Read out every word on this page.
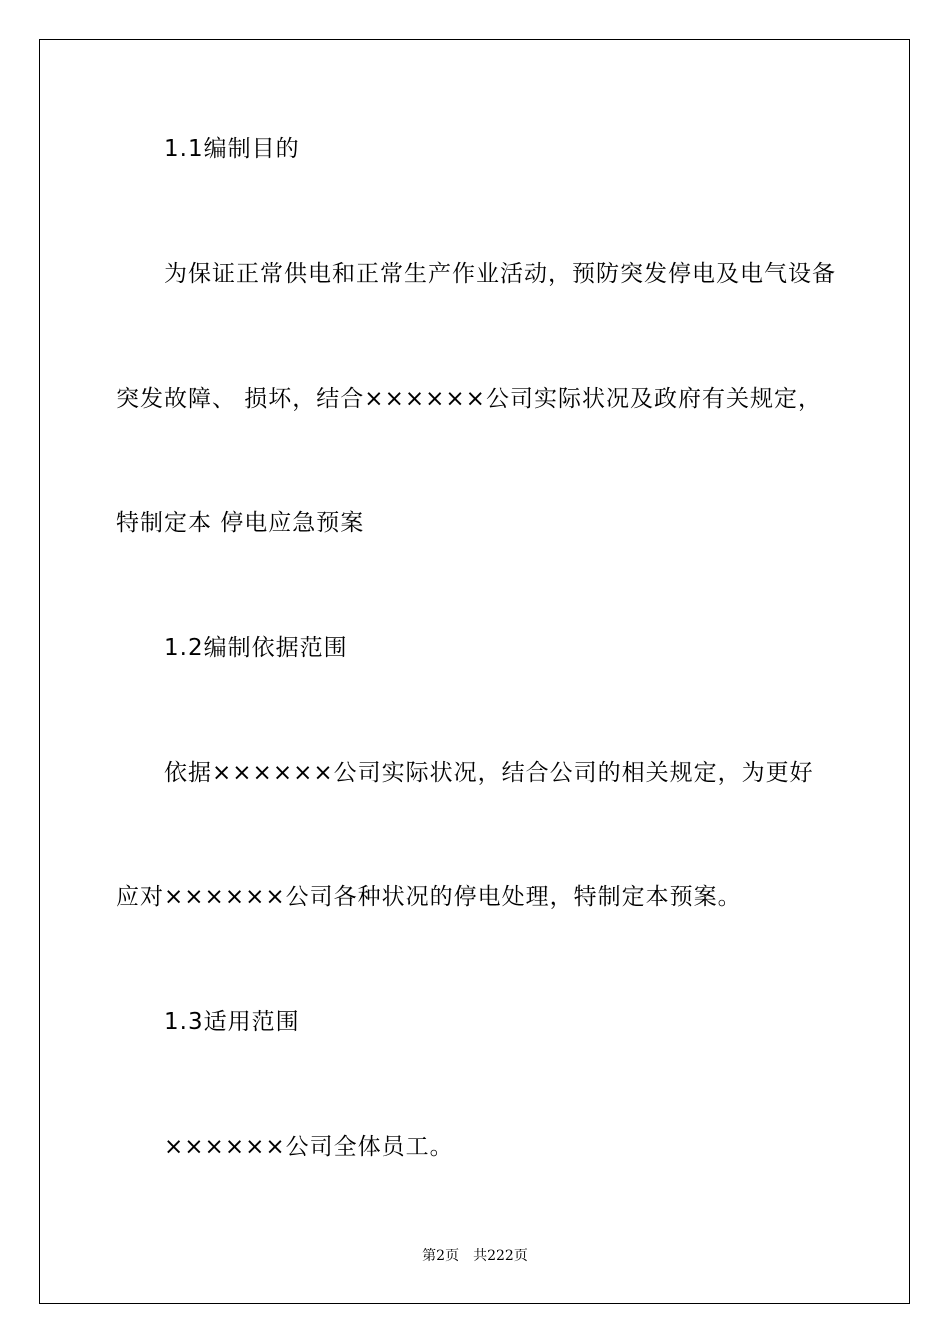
1.1编制目的
为保证正常供电和正常生产作业活动，预防突发停电及电气设备
突发故障、 损坏，结合××××××公司实际状况及政府有关规定，
特制定本 停电应急预案
1.2编制依据范围
依据××××××公司实际状况，结合公司的相关规定，为更好
应对××××××公司各种状况的停电处理，特制定本预案。
1.3适用范围
××××××公司全体员工。
第2页 共222页
